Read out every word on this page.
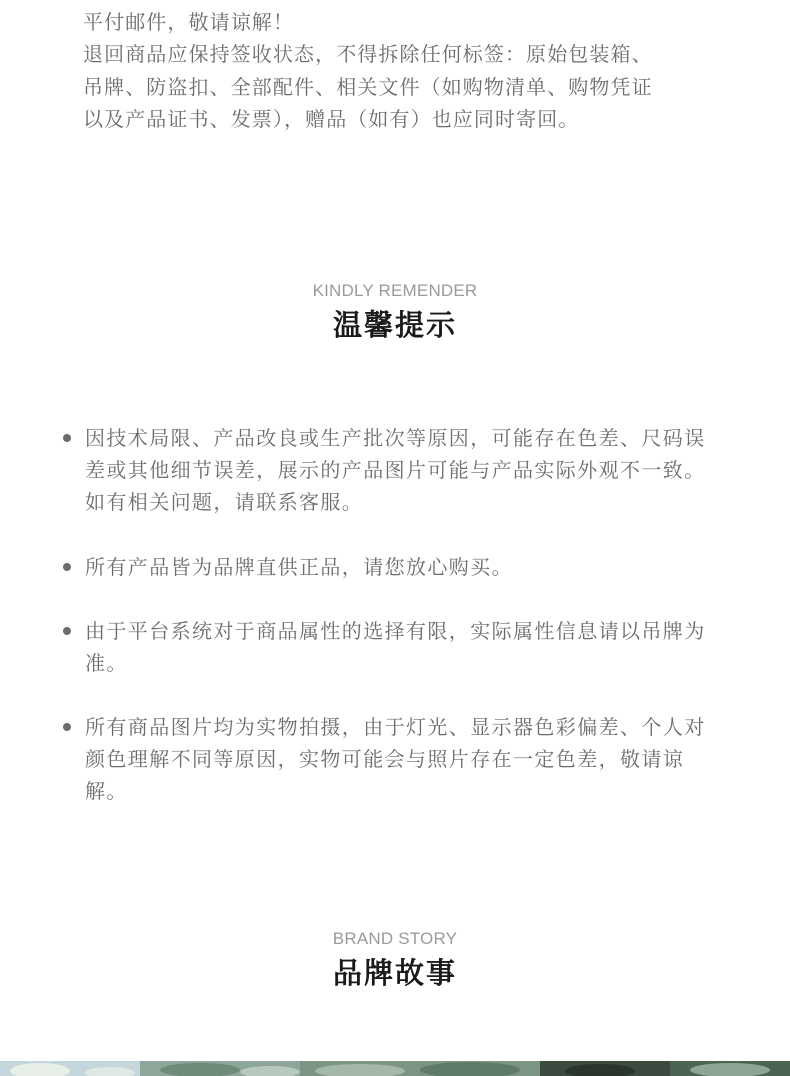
平付邮件，敬请谅解！
退回商品应保持签收状态，不得拆除任何标签：原始包装箱、
吊牌、防盗扣、全部配件、相关文件（如购物清单、购物凭证
以及产品证书、发票），赠品（如有）也应同时寄回。
KINDLY REMENDER
温馨提示
因技术局限、产品改良或生产批次等原因，可能存在色差、尺码误差或其他细节误差，展示的产品图片可能与产品实际外观不一致。如有相关问题，请联系客服。
所有产品皆为品牌直供正品，请您放心购买。
由于平台系统对于商品属性的选择有限，实际属性信息请以吊牌为准。
所有商品图片均为实物拍摄，由于灯光、显示器色彩偏差、个人对颜色理解不同等原因，实物可能会与照片存在一定色差，敬请谅解。
BRAND STORY
品牌故事
